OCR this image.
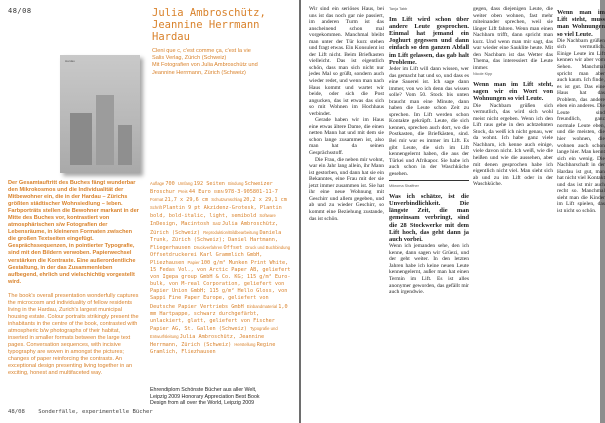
48/08	Julia Ambroschütz,
Jeannine Herrmann
Hardau
Cleni que c, c'est comme ça, c'est la vie
Salis Verlag, Zürich (Schweiz)
Mit Fotografien von Julia Ambroschütz und
Jeannine Herrmann, Zürich (Schweiz)
Hardau

Der Gesamtauftritt des Buches fängt wunderbar den Mikrokosmos und die Individualität der Mitbewohner ein, die in der Hardau – Zürichs größten städtischer Wohnsiedlung – leben. Farbporträts stellen die Bewohner markant in der Mitte des Buches vor, kontrastiert von atmosphärischen s/w Fotografien der Lebensräume, in kleineren Formaten zwischen die großen Textseiten eingefügt. Gesprächssequenzen, in pointierter Typografie, sind mit den Bildern verwoben. Papierwechsel verstärken die Kontraste. Eine außerordentliche Gestaltung, in der das Zusammenleben aufbegend, ehrlich und vielschichtig vorgestellt wird.

The book's overall presentation wonderfully captures the microcosm and individuality of fellow residents living in the Hardau, Zurich's largest municipal housing estate. Colour portraits strikingly present the inhabitants in the centre of the book, contrasted with atmospheric b/w photographs of their habitat, inserted in smaller formats between the large text pages. Conversation sequences, with incisive typography are woven in amongst the pictures; changes of paper reinforcing the contrasts. An exceptional design presenting living together in an exciting, honest and multifaceted way.

Auflage 700 Umfang 192 Seiten Bindung Schweizer Broschur Preis 44 Euro ISBN 978-3-905801-11-7 Format 21,7 x 29,6 cm Schutzumschlag 20,2 x 29,1 cm Schrift Plantin 9 pt Akzidenz-Grotesk, Plantin bold, bold-italic, light, semibold Software InDesign, Macintosh Satz Julia Ambroschütz, Zürich (Schweiz) Reproduktion/Bildbearbeitung Daniela Trunk, Zürich (Schweiz); Daniel Hartmann, Fliegerhausen Druckverfahren Offset Druck und Buchbindung Offsetdruckerei Karl Grammlich GmbH, Pliezhausen Papier 100 g/m² Munken Print White, 15 Fedas Vol., von Arctic Paper AB, geliefert von Igepa group GmbH & Co. KG; 115 g/m² Euro-bulk, von M-real Corporation, geliefert von Papier Union GmbH; 115 g/m² Hello Gloss, von Sappi Fine Paper Europe, geliefert von Deutsche Papier Vertriebs GmbH Einbandmaterial 1,0 mm Hartpappe, schwarz durchgefärbt, unlackiert, glatt, geliefert von Fischer Papier AG, St. Gallen (Schweiz) Typografie und Entwurfsleitung Julia Ambroschütz, Jeannine Herrmann, Zürich (Schweiz) Herstellung Regine Gramlich, Fliezhausen

Ehrendiplom Schönste Bücher aus aller Welt,
Leipzig 2009 Honorary Appreciation Best Book
Design from all over the World, Leipzig 2009
48/08 Sonderfälle, experimentelle Bücher

Wir sind ein seriöses Haus, bei uns ist das noch gar nie passiert, im anderen Turm ist das anscheinend schon mal vorgekommen. Manchmal bleibt man unter der Tür kurz stehen und fragt etwas. Ein Konsulent ist der Lift nicht. Beim Briefkasten vielleicht. Das ist eigentlich schön, dass man sich nicht nur jedes Mal so grüßt, sondern auch wieder redet, und wenn man nach Haus kommt und wartet wir beide, oder sich die Post angucken, das ist etwas das sich so mit Wohnen im Hochhaus verbindet.

Gerade haben wir im Haus eine etwas ältere Dame, die einen netten Mann hat und mit dem sie schon lange zusammen ist, also man hat da seinen Gesprächsstoff.

Die Frau, die neben mir wohnt, war ein Jahr lang allein, ihr Mann ist gestorben, und dann hat sie ein Bekanntes, eine Frau mit der sie jetzt immer zusammen ist. Sie hat ihr eine neue Wohnung mit Geschirr und allem gegeben, und ab und zu wieder Geschirr, so kommt eine Beziehung zustande, das ist schön.

Tanja Tabb
Im Lift wird schon über andere Leute gesprochen. Einmal hat jemand ein Joghurt gegessen und dann einfach so den ganzen Abfall im Lift gelassen, das gab halt Probleme.

Jeder im Lift will dann wissen, wer das gemacht hat und so, und dass es eine Sauerei ist. Ich sage dann immer, von wo ich denn das wissen solle? Vom 50. Stock bis unten braucht man eine Minute, dann haben die Leute schon Zeit zu sprechen. Im Lift werden schon Kontakte gekrüpft. Leute, die sich kennen, sprechen auch dort, wo die Postkasten, die Briefkästen, sind. Bei mir war es immer im Lift. Es gibt Leute, die sich im Lift kennengelernt haben, die aus der Türkei und Afrikapor. Sie habe ich auch schon in der Waschküche gesehen.

Mikroma Shaffner
Was ich schätze, ist die Unverbindlichkeit. Die längste Zeit, die man gemeinsam verbringt, sind die 28 Stockwerke mit dem Lift hoch, das geht dann ja auch vorbei.

Wenn ich jemanden sehe, den ich kenne, dann sagen wir Grüezi, und der geht weiter. In den letzten Jahren habe ich keine neuen Leute kennengelernt, außer man hat einen Termin im Lift. Es ist alles anonymer geworden, das gefällt mir auch irgendwie.

gegen, dass diejenigen Leute, die weiter oben wohnen, fast mehr miteinander sprechen, weil sie länger Lift fahren. Wenn man einen Nachbarn trifft, dann spricht man kurz. Und wenn man mir sagt, das war wieder eine Sauklite heute. Mit den Nachbarn ist das Wetter das Thema, das interessiert die Leute immer.

Nicole Kipp
Wenn man im Lift steht, sagen wir ein Wort von Wohnungen so viel Leute.

Die Nachbarn grüßen sich vermutlich, das wird sich wohl meist nicht ergeben. Wenn ich den Lift raus gehe in den achtzehnten Stock, da weiß ich nicht genau, wer da wohnt. Ich habe ganz viele Nachbarn, ich kenne auch einige, viele davon nicht. Ich weiß, wie die heißen und wie die aussehen, aber mit denen gesprochen habe ich eigentlich nicht viel. Man sieht sich ab und zu im Lift oder in der Waschküche.

Wenn man im Lift steht, muss man Wohnungen so viel Leute.

Die Nachbarn grüßen sich vermutlich. Einige Leute im Lift kennen wir aber vom Sehen. Manchmal spricht man aber auch kaum. Ich finde, es ist gut. Das eine Haus hat das Problem, das andere eben ein anderes. Die Leute sind freundlich, ganz normale Leute eben, und die meisten, die hier wohnen, die wohnen auch schon lange hier. Man kennt sich ein wenig. Die Nachbarschaft in der Hardau ist gut, man hat nicht viel Kontakt und das ist mir auch recht so. Manchmal sieht man die Kinder im Lift spielen, das ist nicht so schön.
